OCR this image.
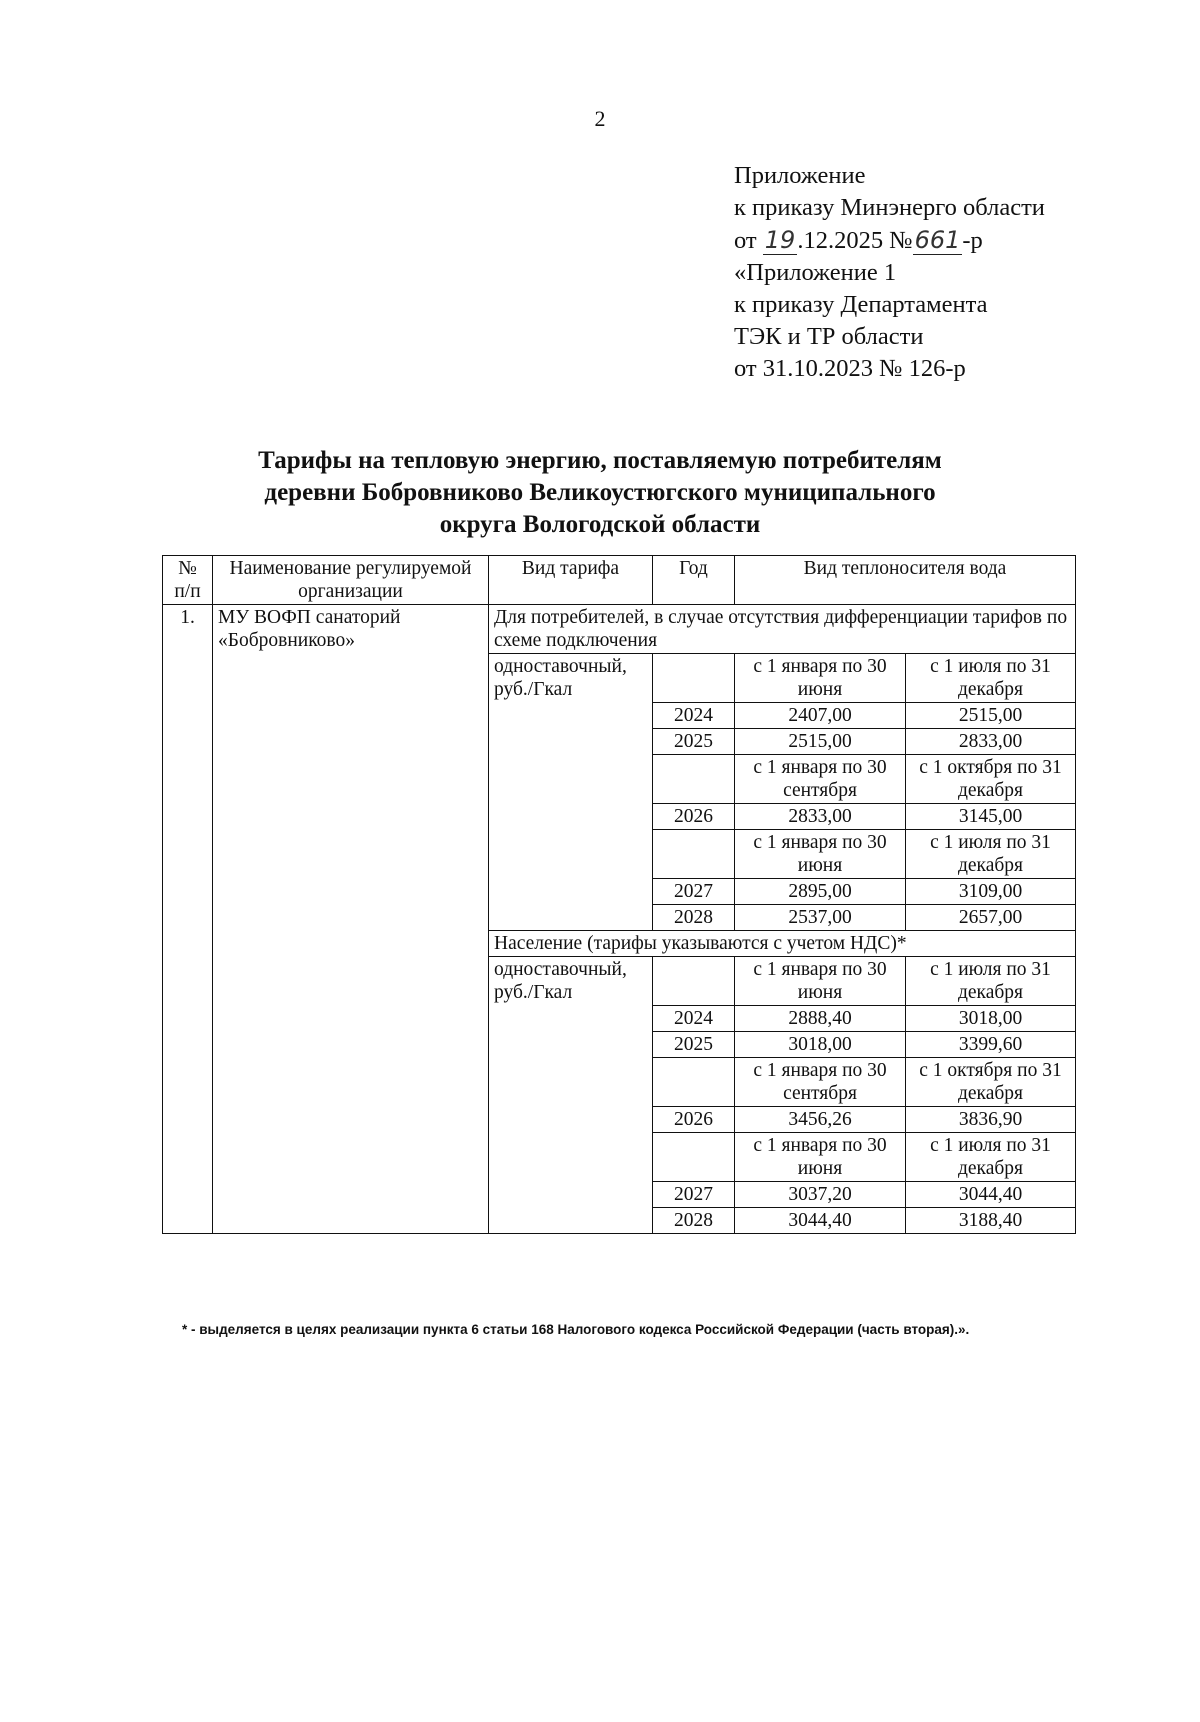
2
Приложение
к приказу Минэнерго области
от 19.12.2025 №661-р
«Приложение 1
к приказу Департамента
ТЭК и ТР области
от 31.10.2023 № 126-р
Тарифы на тепловую энергию, поставляемую потребителям
деревни Бобровниково Великоустюгского муниципального
округа Вологодской области
№ п/п	Наименование регулируемой организации	Вид тарифа	Год	Вид теплоносителя вода	
1.	МУ ВОФП санаторий «Бобровниково»	Для потребителей, в случае отсутствия дифференциации тарифов по схеме подключения			
		одноставочный, руб./Гкал		с 1 января по 30 июня	с 1 июля по 31 декабря
			2024	2407,00	2515,00
			2025	2515,00	2833,00
				с 1 января по 30 сентября	с 1 октября по 31 декабря
			2026	2833,00	3145,00
				с 1 января по 30 июня	с 1 июля по 31 декабря
			2027	2895,00	3109,00
			2028	2537,00	2657,00
		Население (тарифы указываются с учетом НДС)*			
		одноставочный, руб./Гкал		с 1 января по 30 июня	с 1 июля по 31 декабря
			2024	2888,40	3018,00
			2025	3018,00	3399,60
				с 1 января по 30 сентября	с 1 октября по 31 декабря
			2026	3456,26	3836,90
				с 1 января по 30 июня	с 1 июля по 31 декабря
			2027	3037,20	3044,40
			2028	3044,40	3188,40
* - выделяется в целях реализации пункта 6 статьи 168 Налогового кодекса Российской Федерации (часть вторая).».
